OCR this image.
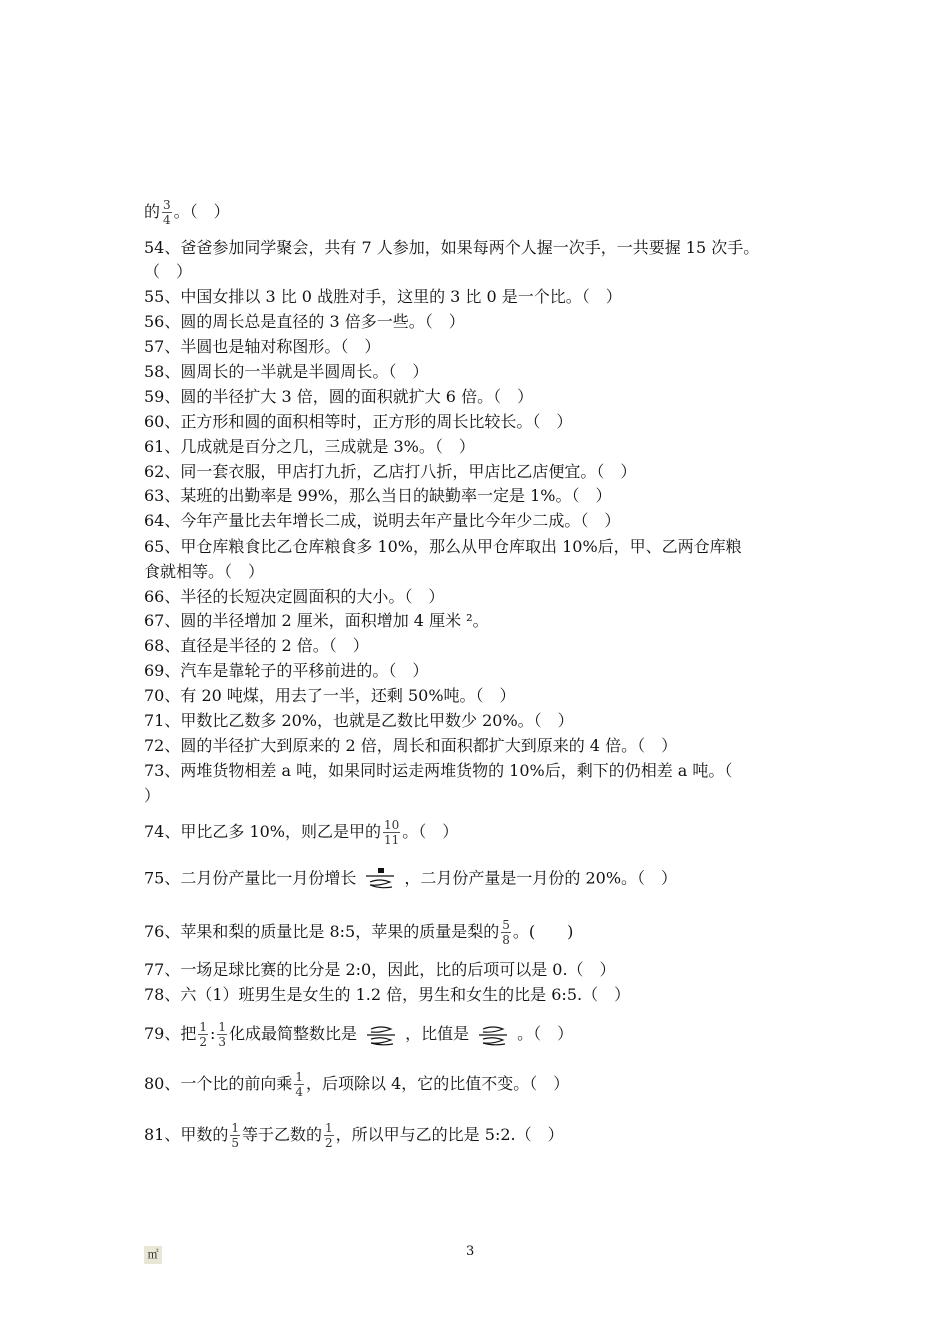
的 $\frac{3}{4}$ 。（　）
54、爸爸参加同学聚会，共有 7 人参加，如果每两个人握一次手，一共要握 15 次手。
（　）
55、中国女排以 3 比 0 战胜对手，这里的 3 比 0 是一个比。（　）
56、圆的周长总是直径的 3 倍多一些。（　）
57、半圆也是轴对称图形。（　）
58、圆周长的一半就是半圆周长。（　）
59、圆的半径扩大 3 倍，圆的面积就扩大 6 倍。（　）
60、正方形和圆的面积相等时，正方形的周长比较长。（　）
61、几成就是百分之几，三成就是 3%。（　）
62、同一套衣服，甲店打九折，乙店打八折，甲店比乙店便宜。（　）
63、某班的出勤率是 99%，那么当日的缺勤率一定是 1%。（　）
64、今年产量比去年增长二成，说明去年产量比今年少二成。（　）
65、甲仓库粮食比乙仓库粮食多 10%，那么从甲仓库取出 10%后，甲、乙两仓库粮
食就相等。（　）
66、半径的长短决定圆面积的大小。（　）
67、圆的半径增加 2 厘米，面积增加 4 厘米 ²。
68、直径是半径的 2 倍。（　）
69、汽车是靠轮子的平移前进的。（　）
70、有 20 吨煤，用去了一半，还剩 50%吨。（　）
71、甲数比乙数多 20%，也就是乙数比甲数少 20%。（　）
72、圆的半径扩大到原来的 2 倍，周长和面积都扩大到原来的 4 倍。（　）
73、两堆货物相差 a 吨，如果同时运走两堆货物的 10%后，剩下的仍相差 a 吨。（
）
74、甲比乙多 10%，则乙是甲的 $\frac{10}{11}$ 。（　）
75、二月份产量比一月份增长	，二月份产量是一月份的 20%。（　）
76、苹果和梨的质量比是 8:5，苹果的质量是梨的 $\frac{5}{8}$ 。(　　)
77、一场足球比赛的比分是 2:0，因此，比的后项可以是 0.（　）
78、六（1）班男生是女生的 1.2 倍，男生和女生的比是 6:5.（　）
79、把 $\frac{1}{2}$ : $\frac{1}{3}$ 化成最简整数比是	，比值是	。（　）
80、一个比的前向乘 $\frac{1}{4}$ ，后项除以 4，它的比值不变。（　）
81、甲数的 $\frac{1}{5}$ 等于乙数的 $\frac{1}{2}$ ，所以甲与乙的比是 5:2.（　）
㎡	3
